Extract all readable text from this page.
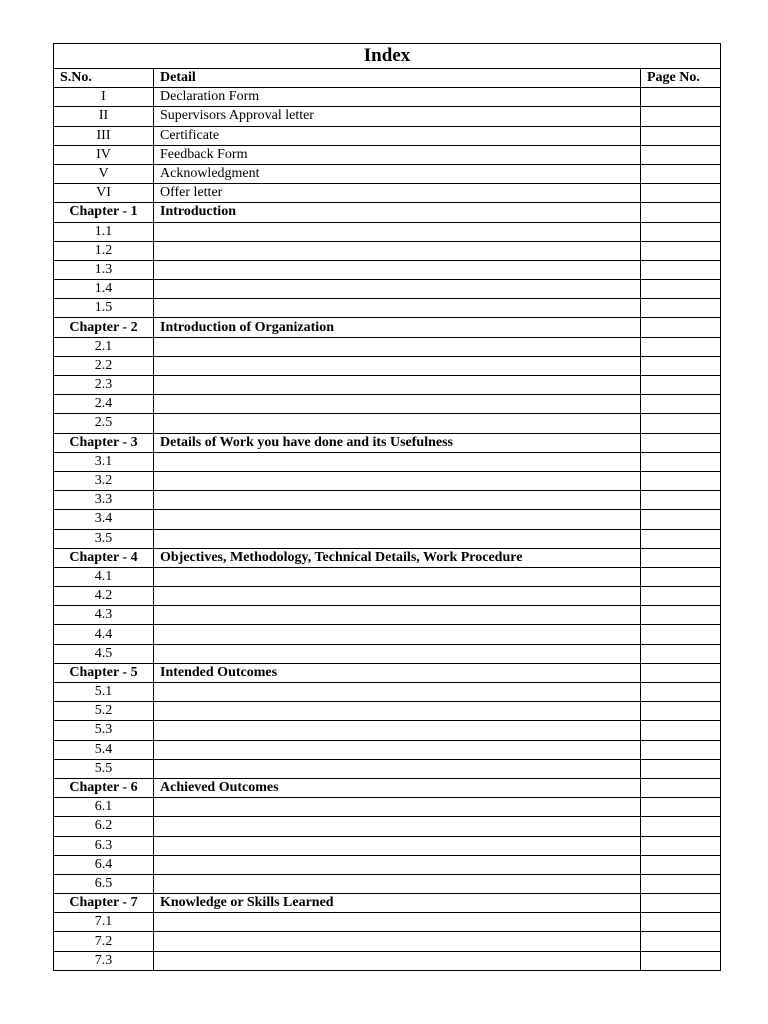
Index		
S.No.	Detail	Page No.
I	Declaration Form	
II	Supervisors Approval letter	
III	Certificate	
IV	Feedback Form	
V	Acknowledgment	
VI	Offer letter	
Chapter - 1	Introduction	
1.1		
1.2		
1.3		
1.4		
1.5		
Chapter - 2	Introduction of Organization	
2.1		
2.2		
2.3		
2.4		
2.5		
Chapter - 3	Details of Work you have done and its Usefulness	
3.1		
3.2		
3.3		
3.4		
3.5		
Chapter - 4	Objectives, Methodology, Technical Details, Work Procedure	
4.1		
4.2		
4.3		
4.4		
4.5		
Chapter - 5	Intended Outcomes	
5.1		
5.2		
5.3		
5.4		
5.5		
Chapter - 6	Achieved Outcomes	
6.1		
6.2		
6.3		
6.4		
6.5		
Chapter - 7	Knowledge or Skills Learned	
7.1		
7.2		
7.3		
